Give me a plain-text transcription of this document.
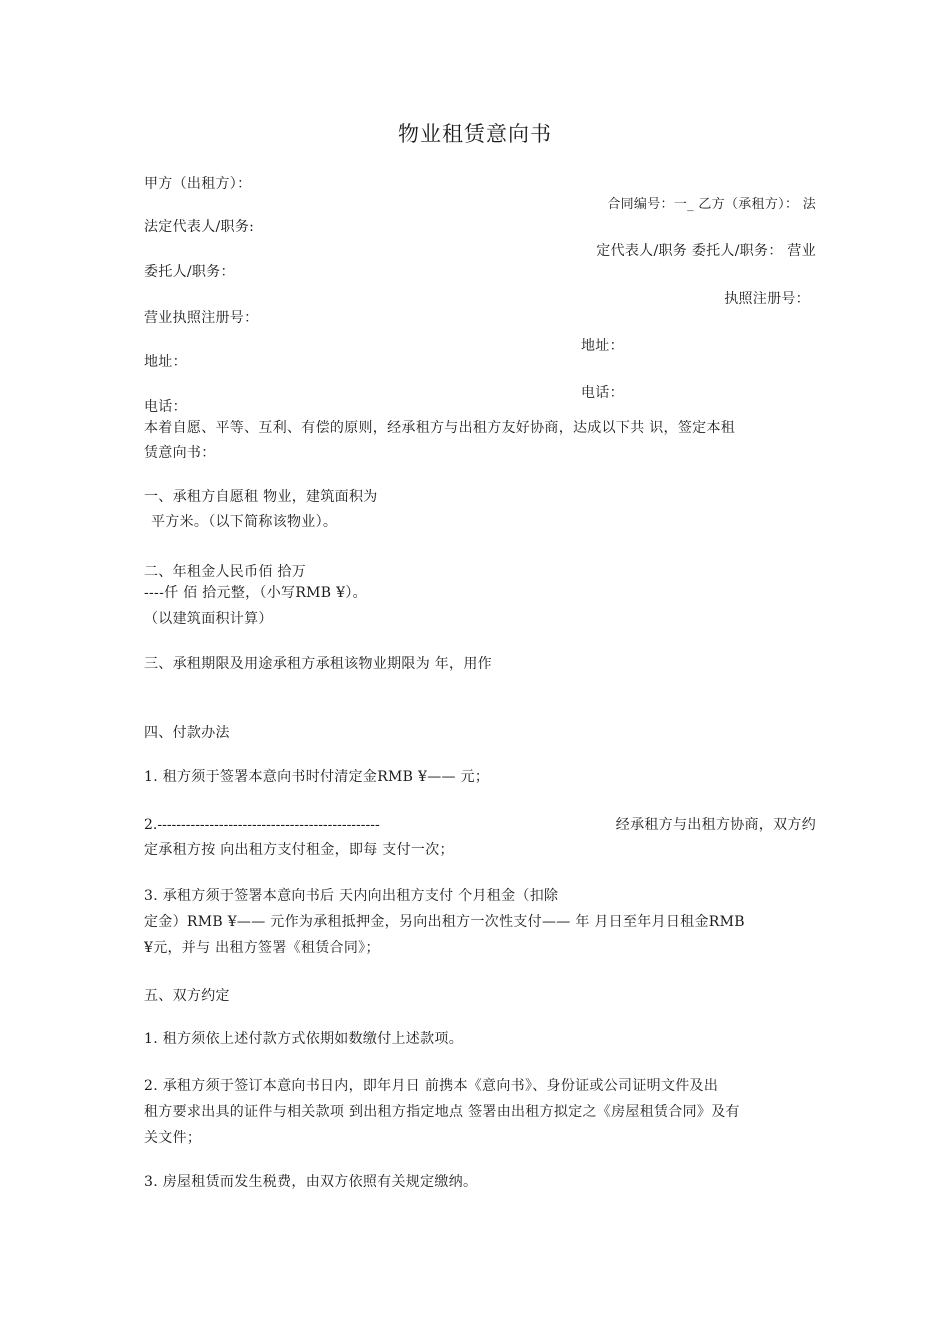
物业租赁意向书
甲方（出租方）：
法定代表人/职务:
委托人/职务：
营业执照注册号：
地址：
电话：
合同编号：一_ 乙方（承租方）： 法
定代表人/职务 委托人/职务： 营业
执照注册号：
地址：
电话：
本着自愿、平等、互利、有偿的原则，经承租方与出租方友好协商，达成以下共 识，签定本租
赁意向书：
一、承租方自愿租 物业，建筑面积为
平方米。（以下简称该物业）。
二、年租金人民币佰 拾万
----仟 佰 拾元整，（小写RMB ¥）。
（以建筑面积计算）
三、承租期限及用途承租方承租该物业期限为 年，用作
四、付款办法
1. 租方须于签署本意向书时付清定金RMB ¥—— 元；
2.-----------------------------------------------	经承租方与出租方协商，双方约
定承租方按 向出租方支付租金，即每 支付一次；
3. 承租方须于签署本意向书后 天内向出租方支付 个月租金（扣除
定金）RMB ¥—— 元作为承租抵押金，另向出租方一次性支付—— 年 月日至年月日租金RMB
¥元，并与 出租方签署《租赁合同》；
五、双方约定
1. 租方须依上述付款方式依期如数缴付上述款项。
2. 承租方须于签订本意向书日内，即年月日 前携本《意向书》、身份证或公司证明文件及出
租方要求出具的证件与相关款项 到出租方指定地点 签署由出租方拟定之《房屋租赁合同》及有
关文件；
3. 房屋租赁而发生税费，由双方依照有关规定缴纳。
